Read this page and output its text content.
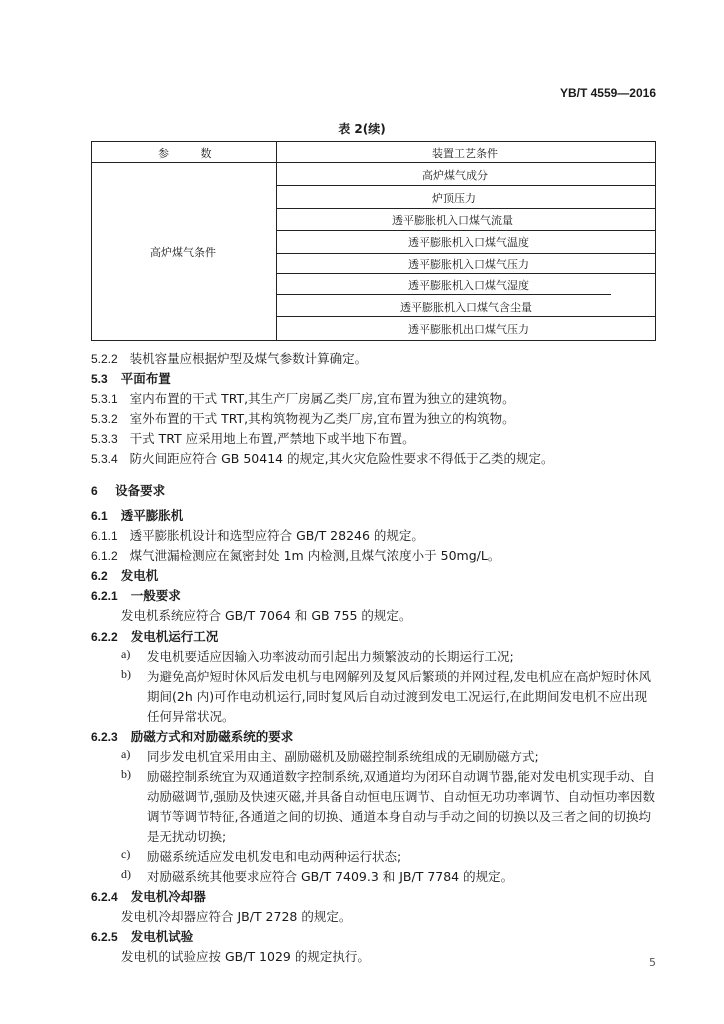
YB/T 4559—2016
表 2(续)
参 数	装置工艺条件
高炉煤气条件
高炉煤气成分
炉顶压力
透平膨胀机入口煤气流量
透平膨胀机入口煤气温度
透平膨胀机入口煤气压力
透平膨胀机入口煤气湿度
透平膨胀机入口煤气含尘量
透平膨胀机出口煤气压力
5.2.2 装机容量应根据炉型及煤气参数计算确定。
5.3 平面布置
5.3.1 室内布置的干式 TRT,其生产厂房属乙类厂房,宜布置为独立的建筑物。
5.3.2 室外布置的干式 TRT,其构筑物视为乙类厂房,宜布置为独立的构筑物。
5.3.3 干式 TRT 应采用地上布置,严禁地下或半地下布置。
5.3.4 防火间距应符合 GB 50414 的规定,其火灾危险性要求不得低于乙类的规定。
6 设备要求
6.1 透平膨胀机
6.1.1 透平膨胀机设计和选型应符合 GB/T 28246 的规定。
6.1.2 煤气泄漏检测应在氮密封处 1m 内检测,且煤气浓度小于 50mg/L。
6.2 发电机
6.2.1 一般要求
发电机系统应符合 GB/T 7064 和 GB 755 的规定。
6.2.2 发电机运行工况
a) 发电机要适应因输入功率波动而引起出力频繁波动的长期运行工况;
b) 为避免高炉短时休风后发电机与电网解列及复风后繁琐的并网过程,发电机应在高炉短时休风
期间(2h 内)可作电动机运行,同时复风后自动过渡到发电工况运行,在此期间发电机不应出现
任何异常状况。
6.2.3 励磁方式和对励磁系统的要求
a) 同步发电机宜采用由主、副励磁机及励磁控制系统组成的无刷励磁方式;
b) 励磁控制系统宜为双通道数字控制系统,双通道均为闭环自动调节器,能对发电机实现手动、自
动励磁调节,强励及快速灭磁,并具备自动恒电压调节、自动恒无功功率调节、自动恒功率因数
调节等调节特征,各通道之间的切换、通道本身自动与手动之间的切换以及三者之间的切换均
是无扰动切换;
c) 励磁系统适应发电机发电和电动两种运行状态;
d) 对励磁系统其他要求应符合 GB/T 7409.3 和 JB/T 7784 的规定。
6.2.4 发电机冷却器
发电机冷却器应符合 JB/T 2728 的规定。
6.2.5 发电机试验
发电机的试验应按 GB/T 1029 的规定执行。	5
